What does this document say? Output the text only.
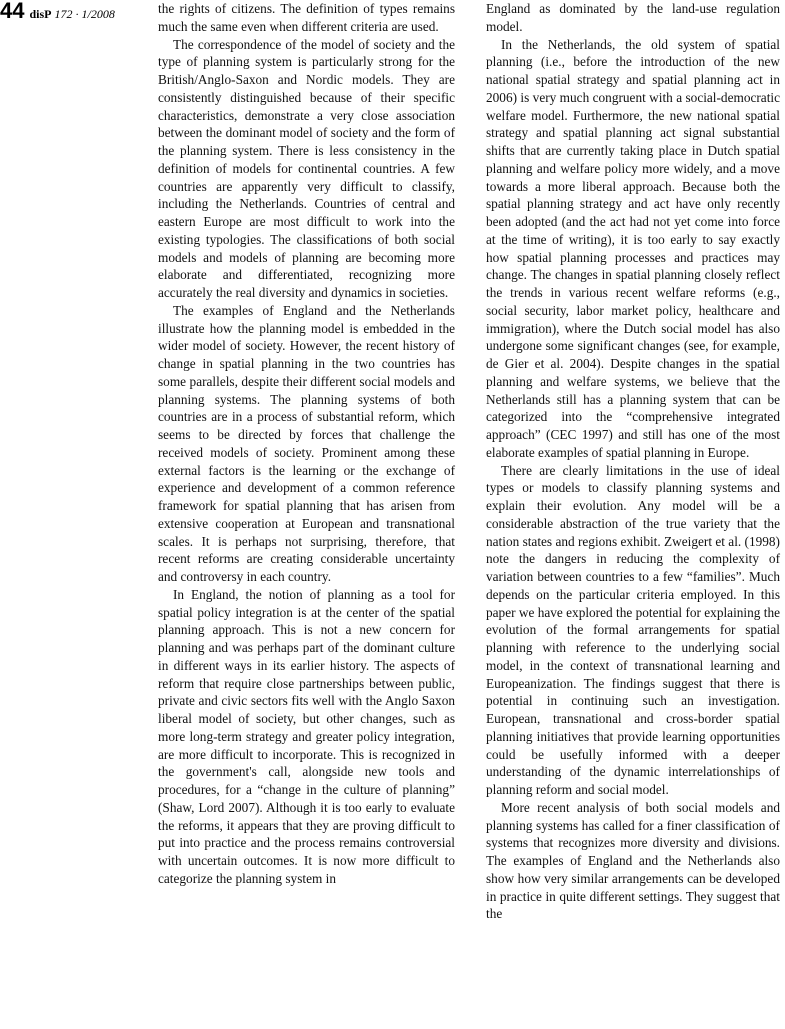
44 disP 172 · 1/2008	the rights of citizens. The definition of types remains much the same even when different criteria are used.

The correspondence of the model of society and the type of planning system is particularly strong for the British/Anglo-Saxon and Nordic models. They are consistently distinguished because of their specific characteristics, demonstrate a very close association between the dominant model of society and the form of the planning system. There is less consistency in the definition of models for continental countries. A few countries are apparently very difficult to classify, including the Netherlands. Countries of central and eastern Europe are most difficult to work into the existing typologies. The classifications of both social models and models of planning are becoming more elaborate and differentiated, recognizing more accurately the real diversity and dynamics in societies.

The examples of England and the Netherlands illustrate how the planning model is embedded in the wider model of society. However, the recent history of change in spatial planning in the two countries has some parallels, despite their different social models and planning systems. The planning systems of both countries are in a process of substantial reform, which seems to be directed by forces that challenge the received models of society. Prominent among these external factors is the learning or the exchange of experience and development of a common reference framework for spatial planning that has arisen from extensive cooperation at European and transnational scales. It is perhaps not surprising, therefore, that recent reforms are creating considerable uncertainty and controversy in each country.

In England, the notion of planning as a tool for spatial policy integration is at the center of the spatial planning approach. This is not a new concern for planning and was perhaps part of the dominant culture in different ways in its earlier history. The aspects of reform that require close partnerships between public, private and civic sectors fits well with the Anglo Saxon liberal model of society, but other changes, such as more long-term strategy and greater policy integration, are more difficult to incorporate. This is recognized in the government's call, alongside new tools and procedures, for a “change in the culture of planning” (Shaw, Lord 2007). Although it is too early to evaluate the reforms, it appears that they are proving difficult to put into practice and the process remains controversial with uncertain outcomes. It is now more difficult to categorize the planning system in

England as dominated by the land-use regulation model.

In the Netherlands, the old system of spatial planning (i.e., before the introduction of the new national spatial strategy and spatial planning act in 2006) is very much congruent with a social-democratic welfare model. Furthermore, the new national spatial strategy and spatial planning act signal substantial shifts that are currently taking place in Dutch spatial planning and welfare policy more widely, and a move towards a more liberal approach. Because both the spatial planning strategy and act have only recently been adopted (and the act had not yet come into force at the time of writing), it is too early to say exactly how spatial planning processes and practices may change. The changes in spatial planning closely reflect the trends in various recent welfare reforms (e.g., social security, labor market policy, healthcare and immigration), where the Dutch social model has also undergone some significant changes (see, for example, de Gier et al. 2004). Despite changes in the spatial planning and welfare systems, we believe that the Netherlands still has a planning system that can be categorized into the “comprehensive integrated approach” (CEC 1997) and still has one of the most elaborate examples of spatial planning in Europe.

There are clearly limitations in the use of ideal types or models to classify planning systems and explain their evolution. Any model will be a considerable abstraction of the true variety that the nation states and regions exhibit. Zweigert et al. (1998) note the dangers in reducing the complexity of variation between countries to a few “families”. Much depends on the particular criteria employed. In this paper we have explored the potential for explaining the evolution of the formal arrangements for spatial planning with reference to the underlying social model, in the context of transnational learning and Europeanization. The findings suggest that there is potential in continuing such an investigation. European, transnational and cross-border spatial planning initiatives that provide learning opportunities could be usefully informed with a deeper understanding of the dynamic interrelationships of planning reform and social model.

More recent analysis of both social models and planning systems has called for a finer classification of systems that recognizes more diversity and divisions. The examples of England and the Netherlands also show how very similar arrangements can be developed in practice in quite different settings. They suggest that the
